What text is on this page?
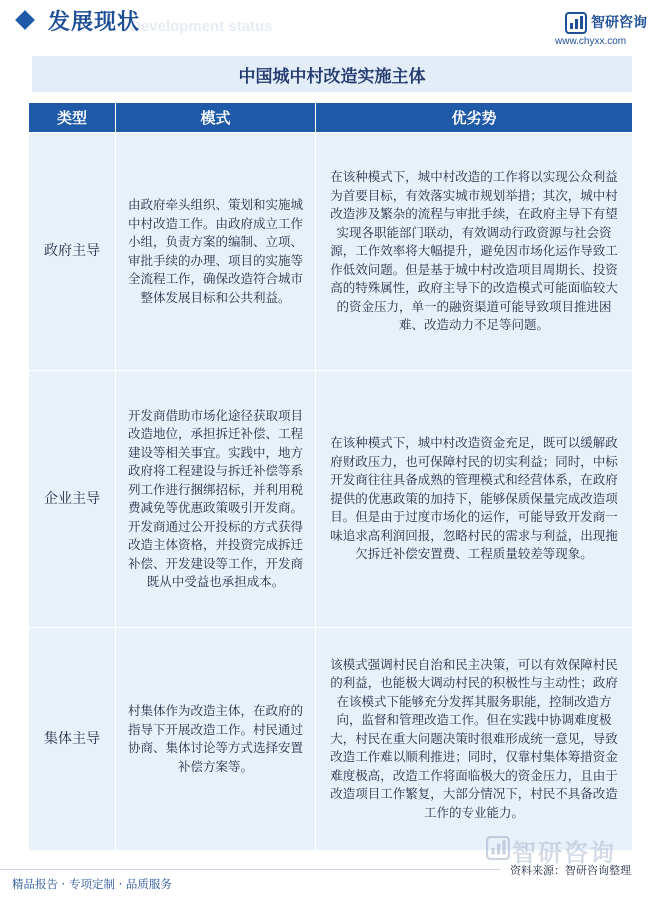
Development status
发展现状	智研咨询
www.chyxx.com
中国城中村改造实施主体
类型	模式	优劣势
政府主导	由政府牵头组织、策划和实施城中村改造工作。由政府成立工作小组，负责方案的编制、立项、审批手续的办理、项目的实施等全流程工作，确保改造符合城市整体发展目标和公共利益。	在该种模式下，城中村改造的工作将以实现公众利益为首要目标，有效落实城市规划举措；其次，城中村改造涉及繁杂的流程与审批手续，在政府主导下有望实现各职能部门联动，有效调动行政资源与社会资源，工作效率将大幅提升，避免因市场化运作导致工作低效问题。但是基于城中村改造项目周期长、投资高的特殊属性，政府主导下的改造模式可能面临较大的资金压力，单一的融资渠道可能导致项目推进困难、改造动力不足等问题。
企业主导	开发商借助市场化途径获取项目改造地位，承担拆迁补偿、工程建设等相关事宜。实践中，地方政府将工程建设与拆迁补偿等系列工作进行捆绑招标，并利用税费减免等优惠政策吸引开发商。开发商通过公开投标的方式获得改造主体资格，并投资完成拆迁补偿、开发建设等工作，开发商既从中受益也承担成本。	在该种模式下，城中村改造资金充足，既可以缓解政府财政压力，也可保障村民的切实利益；同时，中标开发商往往具备成熟的管理模式和经营体系，在政府提供的优惠政策的加持下，能够保质保量完成改造项目。但是由于过度市场化的运作，可能导致开发商一味追求高利润回报，忽略村民的需求与利益，出现拖欠拆迁补偿安置费、工程质量较差等现象。
集体主导	村集体作为改造主体，在政府的指导下开展改造工作。村民通过协商、集体讨论等方式选择安置补偿方案等。	该模式强调村民自治和民主决策，可以有效保障村民的利益，也能极大调动村民的积极性与主动性；政府在该模式下能够充分发挥其服务职能，控制改造方向，监督和管理改造工作。但在实践中协调难度极大，村民在重大问题决策时很难形成统一意见，导致改造工作难以顺利推进；同时，仅靠村集体筹措资金难度极高，改造工作将面临极大的资金压力，且由于改造项目工作繁复，大部分情况下，村民不具备改造工作的专业能力。
智研咨询
资料来源：智研咨询整理
精品报告 · 专项定制 · 品质服务
